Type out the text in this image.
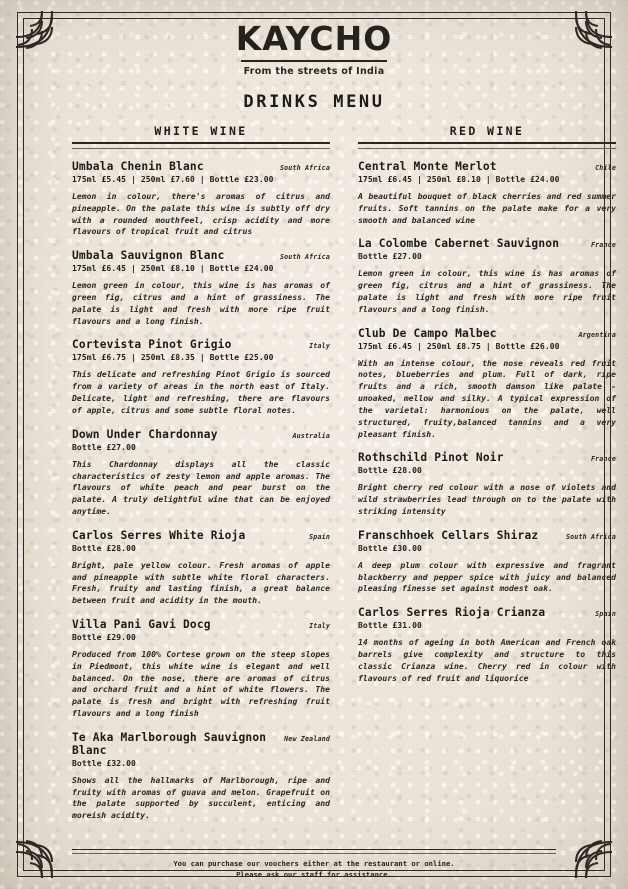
KAYCHO
From the streets of India
DRINKS MENU
WHITE WINE
Umbala Chenin Blanc	South Africa
175ml £5.45 | 250ml £7.60 | Bottle £23.00
Lemon in colour, there's aromas of citrus and pineapple. On the palate this wine is subtly off dry with a rounded mouthfeel, crisp acidity and more flavours of tropical fruit and citrus
Umbala Sauvignon Blanc	South Africa
175ml £6.45 | 250ml £8.10 | Bottle £24.00
Lemon green in colour, this wine is has aromas of green fig, citrus and a hint of grassiness. The palate is light and fresh with more ripe fruit flavours and a long finish.
Cortevista Pinot Grigio	Italy
175ml £6.75 | 250ml £8.35 | Bottle £25.00
This delicate and refreshing Pinot Grigio is sourced from a variety of areas in the north east of Italy. Delicate, light and refreshing, there are flavours of apple, citrus and some subtle floral notes.
Down Under Chardonnay	Australia
Bottle £27.00
This Chardonnay displays all the classic characteristics of zesty lemon and apple aromas. The flavours of white peach and pear burst on the palate. A truly delightful wine that can be enjoyed anytime.
Carlos Serres White Rioja	Spain
Bottle £28.00
Bright, pale yellow colour. Fresh aromas of apple and pineapple with subtle white floral characters. Fresh, fruity and lasting finish, a great balance between fruit and acidity in the mouth.
Villa Pani Gavi Docg	Italy
Bottle £29.00
Produced from 100% Cortese grown on the steep slopes in Piedmont, this white wine is elegant and well balanced. On the nose, there are aromas of citrus and orchard fruit and a hint of white flowers. The palate is fresh and bright with refreshing fruit flavours and a long finish
Te Aka Marlborough Sauvignon Blanc
New Zealand
Bottle £32.00
Shows all the hallmarks of Marlborough, ripe and fruity with aromas of guava and melon. Grapefruit on the palate supported by succulent, enticing and moreish acidity.
RED WINE
Central Monte Merlot	Chile
175ml £6.45 | 250ml £8.10 | Bottle £24.00
A beautiful bouquet of black cherries and red summer fruits. Soft tannins on the palate make for a very smooth and balanced wine
La Colombe Cabernet Sauvignon	France
Bottle £27.00
Lemon green in colour, this wine is has aromas of green fig, citrus and a hint of grassiness. The palate is light and fresh with more ripe fruit flavours and a long finish.
Club De Campo Malbec	Argentina
175ml £6.45 | 250ml £8.75 | Bottle £26.00
With an intense colour, the nose reveals red fruit notes, blueberries and plum. Full of dark, ripe fruits and a rich, smooth damson like palate - unoaked, mellow and silky. A typical expression of the varietal: harmonious on the palate, well structured, fruity,balanced tannins and a very pleasant finish.
Rothschild Pinot Noir	France
Bottle £28.00
Bright cherry red colour with a nose of violets and wild strawberries lead through on to the palate with striking intensity
Franschhoek Cellars Shiraz	South Africa
Bottle £30.00
A deep plum colour with expressive and fragrant blackberry and pepper spice with juicy and balanced pleasing finesse set against modest oak.
Carlos Serres Rioja Crianza	Spain
Bottle £31.00
14 months of ageing in both American and French oak barrels give complexity and structure to this classic Crianza wine. Cherry red in colour with flavours of red fruit and liquorice
You can purchase our vouchers either at the restaurant or online.
Please ask our staff for assistance.
